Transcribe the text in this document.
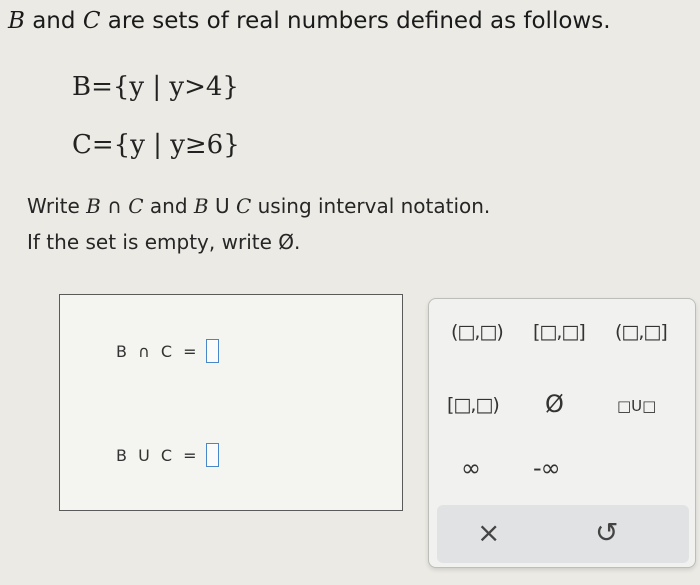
B and C are sets of real numbers defined as follows.
B={y | y>4}
C={y | y≥6}
Write B ∩ C and B U C using interval notation.
If the set is empty, write Ø.
B ∩ C =
B U C =
(□,□) [□,□] (□,□]
[□,□) Ø	□U□
∞ -∞
×	↺
